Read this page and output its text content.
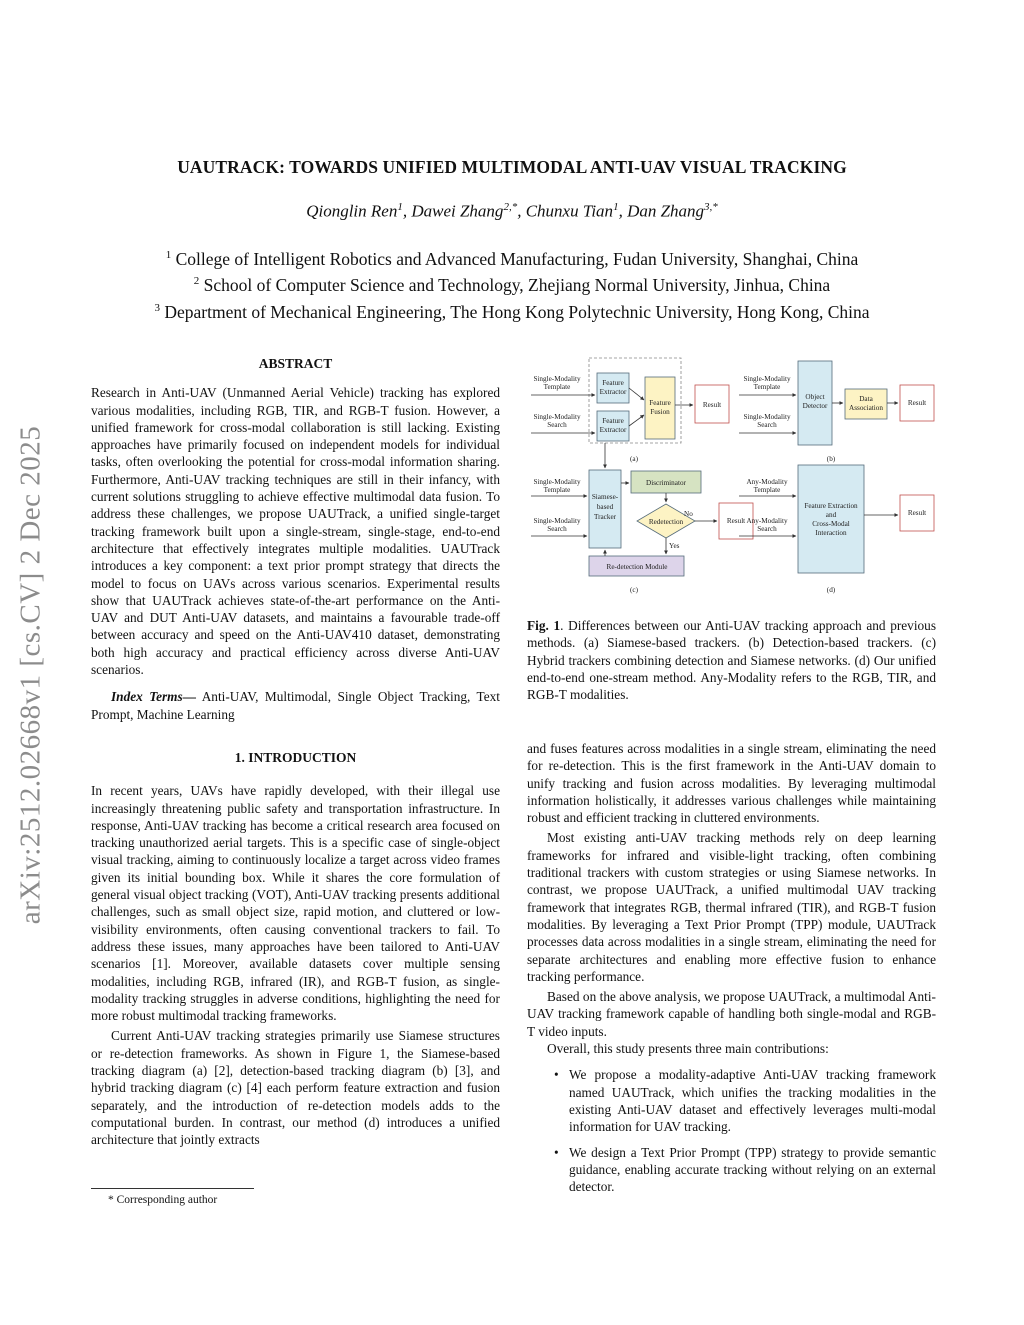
UAUTRACK: TOWARDS UNIFIED MULTIMODAL ANTI-UAV VISUAL TRACKING
Qionglin Ren$^1$, Dawei Zhang$^{2,*}$, Chunxu Tian$^1$, Dan Zhang$^{3,*}$
$^1$ College of Intelligent Robotics and Advanced Manufacturing, Fudan University, Shanghai, China
$^2$ School of Computer Science and Technology, Zhejiang Normal University, Jinhua, China
$^3$ Department of Mechanical Engineering, The Hong Kong Polytechnic University, Hong Kong, China
arXiv:2512.02668v1 [cs.CV] 2 Dec 2025
ABSTRACT

Research in Anti-UAV (Unmanned Aerial Vehicle) tracking has explored various modalities, including RGB, TIR, and RGB-T fusion. However, a unified framework for cross-modal collaboration is still lacking. Existing approaches have primarily focused on independent models for individual tasks, often overlooking the potential for cross-modal information sharing. Furthermore, Anti-UAV tracking techniques are still in their infancy, with current solutions struggling to achieve effective multimodal data fusion. To address these challenges, we propose UAUTrack, a unified single-target tracking framework built upon a single-stream, single-stage, end-to-end architecture that effectively integrates multiple modalities. UAUTrack introduces a key component: a text prior prompt strategy that directs the model to focus on UAVs across various scenarios. Experimental results show that UAUTrack achieves state-of-the-art performance on the Anti-UAV and DUT Anti-UAV datasets, and maintains a favourable trade-off between accuracy and speed on the Anti-UAV410 dataset, demonstrating both high accuracy and practical efficiency across diverse Anti-UAV scenarios.

Index Terms— Anti-UAV, Multimodal, Single Object Tracking, Text Prompt, Machine Learning

1. INTRODUCTION

In recent years, UAVs have rapidly developed, with their illegal use increasingly threatening public safety and transportation infrastructure. In response, Anti-UAV tracking has become a critical research area focused on tracking unauthorized aerial targets. This is a specific case of single-object visual tracking, aiming to continuously localize a target across video frames given its initial bounding box. While it shares the core formulation of general visual object tracking (VOT), Anti-UAV tracking presents additional challenges, such as small object size, rapid motion, and cluttered or low-visibility environments, often causing conventional trackers to fail. To address these issues, many approaches have been tailored to Anti-UAV scenarios [1]. Moreover, available datasets cover multiple sensing modalities, including RGB, infrared (IR), and RGB-T fusion, as single-modality tracking struggles in adverse conditions, highlighting the need for more robust multimodal tracking frameworks.

Current Anti-UAV tracking strategies primarily use Siamese structures or re-detection frameworks. As shown in Figure 1, the Siamese-based tracking diagram (a) [2], detection-based tracking diagram (b) [3], and hybrid tracking diagram (c) [4] each perform feature extraction and fusion separately, and the introduction of re-detection models adds to the computational burden. In contrast, our method (d) introduces a unified architecture that jointly extracts

* Corresponding author
Single-Modality Template
Single-Modality Search
Feature Extractor
Feature Extractor
Feature Fusion
Result
(a)
Single-Modality Template
Single-Modality Search
Object Detector
Data Association
Result
(b)
Single-Modality Template
Single-Modality Search
Siamese-based Tracker
Discriminator
Redetection
No
Result
Yes
Re-detection Module
(c)
Any-Modality Template
Any-Modality Search
Feature Extraction and Cross-Modal Interaction
Result
(d)
Fig. 1. Differences between our Anti-UAV tracking approach and previous methods. (a) Siamese-based trackers. (b) Detection-based trackers. (c) Hybrid trackers combining detection and Siamese networks. (d) Our unified end-to-end one-stream method. Any-Modality refers to the RGB, TIR, and RGB-T modalities.

and fuses features across modalities in a single stream, eliminating the need for re-detection. This is the first framework in the Anti-UAV domain to unify tracking and fusion across modalities. By leveraging multimodal information holistically, it addresses various challenges while maintaining robust and efficient tracking in cluttered environments.

Most existing anti-UAV tracking methods rely on deep learning frameworks for infrared and visible-light tracking, often combining traditional trackers with custom strategies or using Siamese networks. In contrast, we propose UAUTrack, a unified multimodal UAV tracking framework that integrates RGB, thermal infrared (TIR), and RGB-T fusion modalities. By leveraging a Text Prior Prompt (TPP) module, UAUTrack processes data across modalities in a single stream, eliminating the need for separate architectures and enabling more effective fusion to enhance tracking performance.

Based on the above analysis, we propose UAUTrack, a multimodal Anti-UAV tracking framework capable of handling both single-modal and RGB-T video inputs.

Overall, this study presents three main contributions:

• We propose a modality-adaptive Anti-UAV tracking framework named UAUTrack, which unifies the tracking modalities in the existing Anti-UAV dataset and effectively leverages multi-modal information for UAV tracking.
• We design a Text Prior Prompt (TPP) strategy to provide semantic guidance, enabling accurate tracking without relying on an external detector.
